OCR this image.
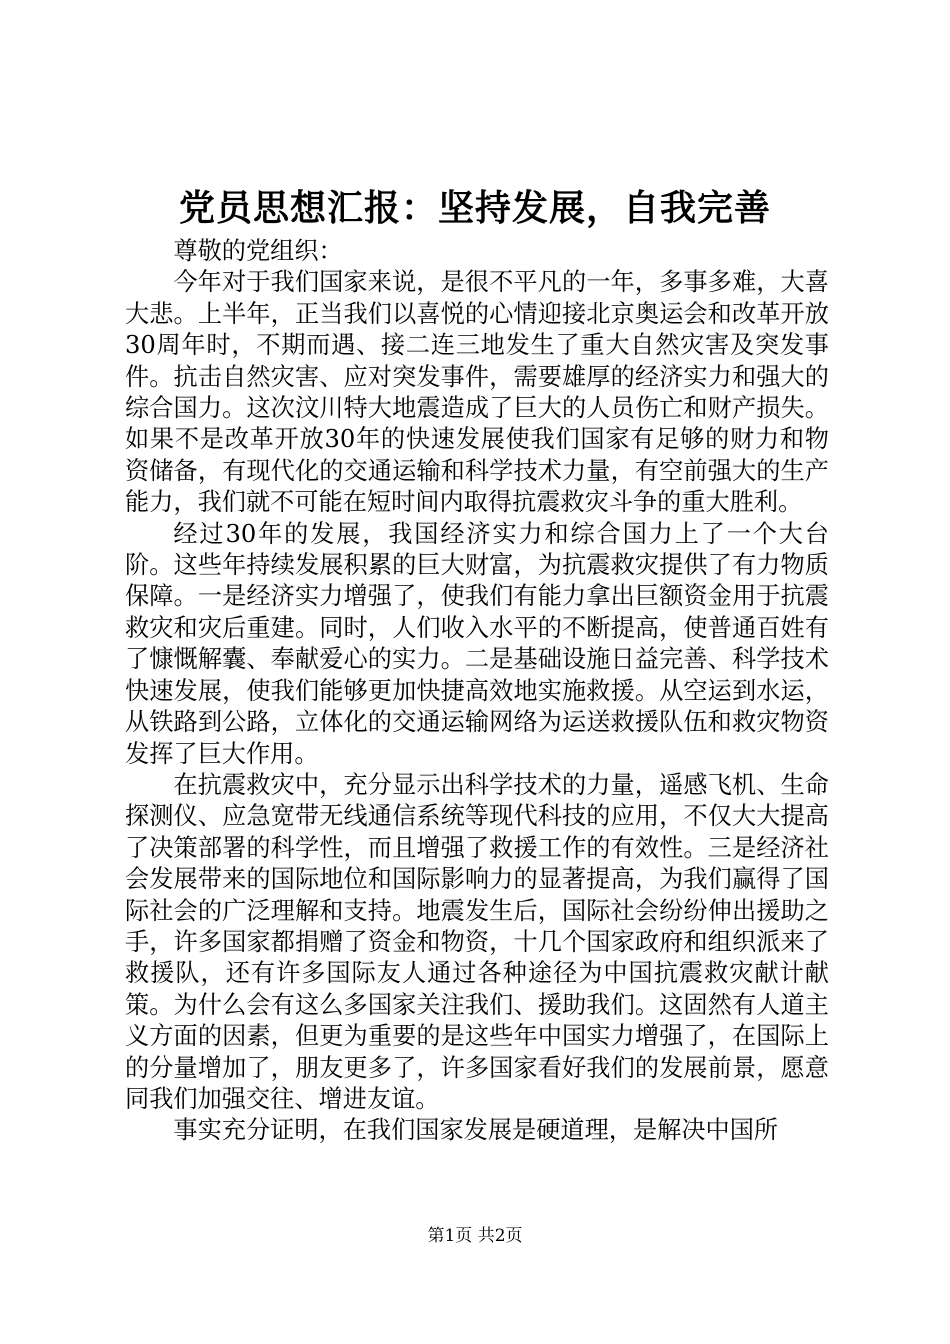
党员思想汇报：坚持发展，自我完善

尊敬的党组织：

今年对于我们国家来说，是很不平凡的一年，多事多难，大喜大悲。上半年，正当我们以喜悦的心情迎接北京奥运会和改革开放30周年时，不期而遇、接二连三地发生了重大自然灾害及突发事件。抗击自然灾害、应对突发事件，需要雄厚的经济实力和强大的综合国力。这次汶川特大地震造成了巨大的人员伤亡和财产损失。如果不是改革开放30年的快速发展使我们国家有足够的财力和物资储备，有现代化的交通运输和科学技术力量，有空前强大的生产能力，我们就不可能在短时间内取得抗震救灾斗争的重大胜利。

经过30年的发展，我国经济实力和综合国力上了一个大台阶。这些年持续发展积累的巨大财富，为抗震救灾提供了有力物质保障。一是经济实力增强了，使我们有能力拿出巨额资金用于抗震救灾和灾后重建。同时，人们收入水平的不断提高，使普通百姓有了慷慨解囊、奉献爱心的实力。二是基础设施日益完善、科学技术快速发展，使我们能够更加快捷高效地实施救援。从空运到水运，从铁路到公路，立体化的交通运输网络为运送救援队伍和救灾物资发挥了巨大作用。

在抗震救灾中，充分显示出科学技术的力量，遥感飞机、生命探测仪、应急宽带无线通信系统等现代科技的应用，不仅大大提高了决策部署的科学性，而且增强了救援工作的有效性。三是经济社会发展带来的国际地位和国际影响力的显著提高，为我们赢得了国际社会的广泛理解和支持。地震发生后，国际社会纷纷伸出援助之手，许多国家都捐赠了资金和物资，十几个国家政府和组织派来了救援队，还有许多国际友人通过各种途径为中国抗震救灾献计献策。为什么会有这么多国家关注我们、援助我们。这固然有人道主义方面的因素，但更为重要的是这些年中国实力增强了，在国际上的分量增加了，朋友更多了，许多国家看好我们的发展前景，愿意同我们加强交往、增进友谊。

事实充分证明，在我们国家发展是硬道理，是解决中国所

第1页 共2页
